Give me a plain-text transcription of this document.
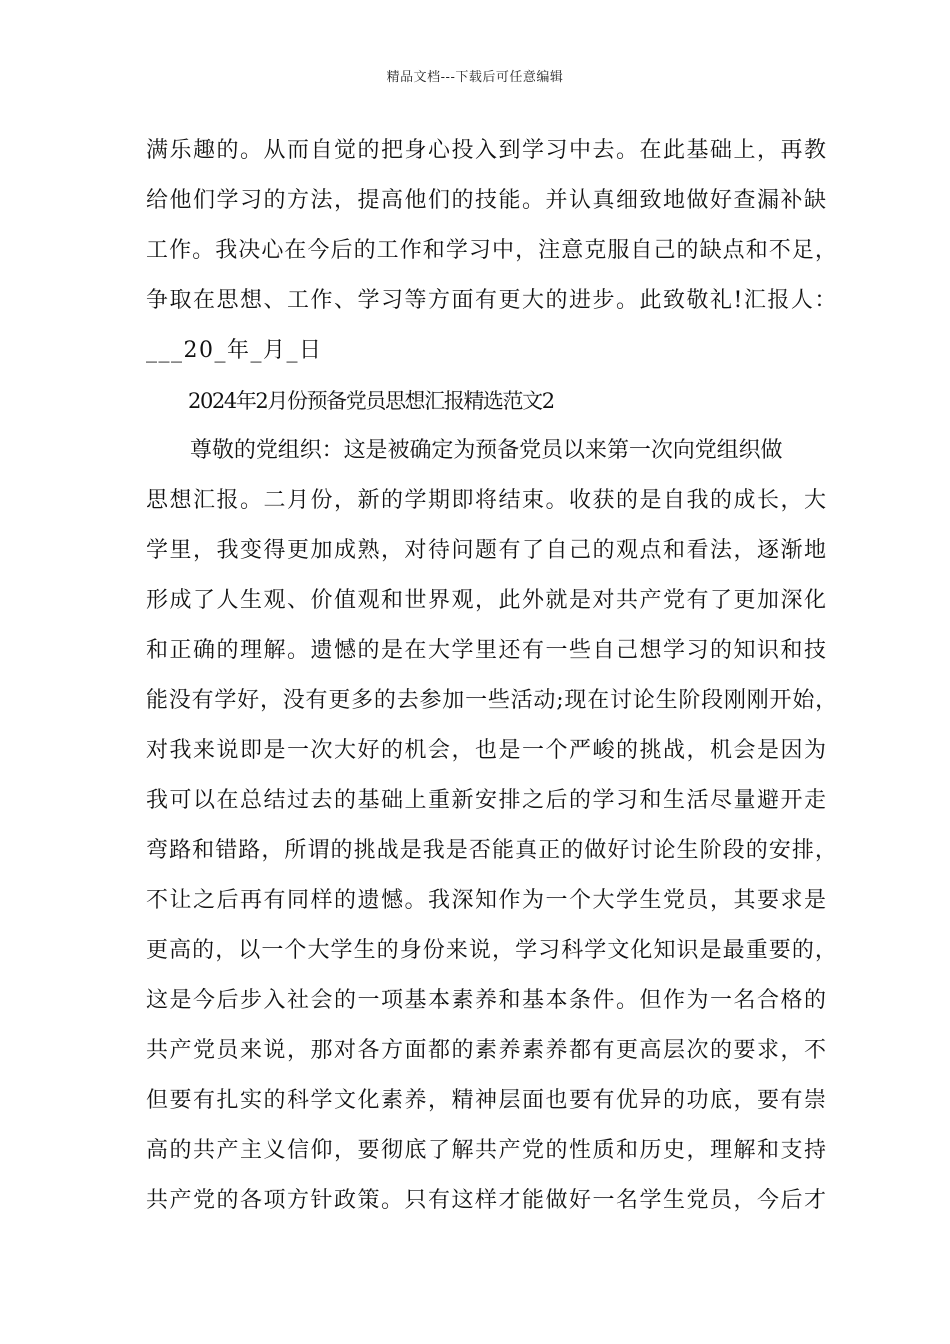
精品文档---下载后可任意编辑
满乐趣的。从而自觉的把身心投入到学习中去。在此基础上，再教
给他们学习的方法，提高他们的技能。并认真细致地做好查漏补缺
工作。我决心在今后的工作和学习中，注意克服自己的缺点和不足，
争取在思想、工作、学习等方面有更大的进步。此致敬礼!汇报人：
___20_年_月_日
2024年2月份预备党员思想汇报精选范文2
尊敬的党组织：这是被确定为预备党员以来第一次向党组织做
思想汇报。二月份，新的学期即将结束。收获的是自我的成长，大
学里，我变得更加成熟，对待问题有了自己的观点和看法，逐渐地
形成了人生观、价值观和世界观，此外就是对共产党有了更加深化
和正确的理解。遗憾的是在大学里还有一些自己想学习的知识和技
能没有学好，没有更多的去参加一些活动;现在讨论生阶段刚刚开始，
对我来说即是一次大好的机会，也是一个严峻的挑战，机会是因为
我可以在总结过去的基础上重新安排之后的学习和生活尽量避开走
弯路和错路，所谓的挑战是我是否能真正的做好讨论生阶段的安排，
不让之后再有同样的遗憾。我深知作为一个大学生党员，其要求是
更高的，以一个大学生的身份来说，学习科学文化知识是最重要的，
这是今后步入社会的一项基本素养和基本条件。但作为一名合格的
共产党员来说，那对各方面都的素养素养都有更高层次的要求，不
但要有扎实的科学文化素养，精神层面也要有优异的功底，要有崇
高的共产主义信仰，要彻底了解共产党的性质和历史，理解和支持
共产党的各项方针政策。只有这样才能做好一名学生党员，今后才
